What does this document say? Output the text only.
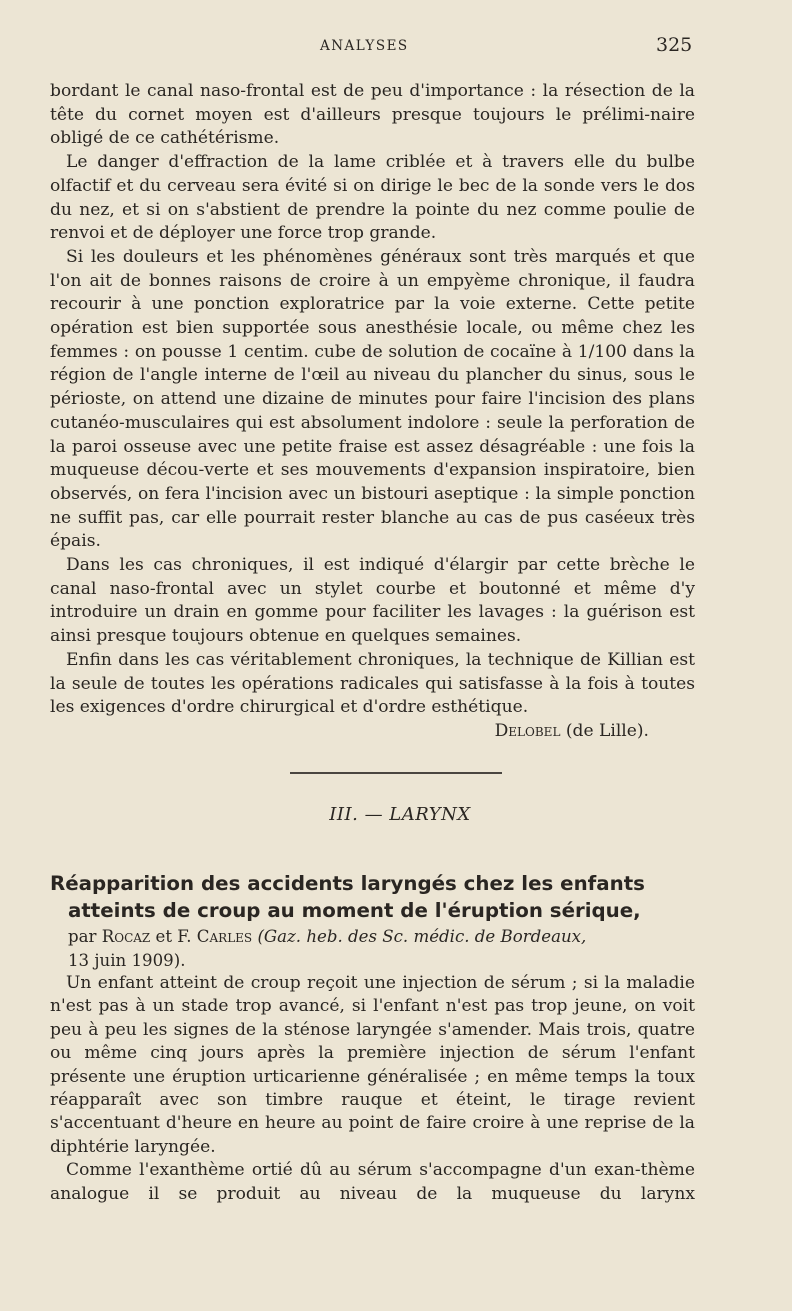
ANALYSES	325

bordant le canal naso-frontal est de peu d'importance : la résection de la tête du cornet moyen est d'ailleurs presque toujours le prélimi-naire obligé de ce cathétérisme.

Le danger d'effraction de la lame criblée et à travers elle du bulbe olfactif et du cerveau sera évité si on dirige le bec de la sonde vers le dos du nez, et si on s'abstient de prendre la pointe du nez comme poulie de renvoi et de déployer une force trop grande.

Si les douleurs et les phénomènes généraux sont très marqués et que l'on ait de bonnes raisons de croire à un empyème chronique, il faudra recourir à une ponction exploratrice par la voie externe. Cette petite opération est bien supportée sous anesthésie locale, ou même chez les femmes : on pousse 1 centim. cube de solution de cocaïne à 1/100 dans la région de l'angle interne de l'œil au niveau du plancher du sinus, sous le périoste, on attend une dizaine de minutes pour faire l'incision des plans cutanéo-musculaires qui est absolument indolore : seule la perforation de la paroi osseuse avec une petite fraise est assez désagréable : une fois la muqueuse décou-verte et ses mouvements d'expansion inspiratoire, bien observés, on fera l'incision avec un bistouri aseptique : la simple ponction ne suffit pas, car elle pourrait rester blanche au cas de pus caséeux très épais.

Dans les cas chroniques, il est indiqué d'élargir par cette brèche le canal naso-frontal avec un stylet courbe et boutonné et même d'y introduire un drain en gomme pour faciliter les lavages : la guérison est ainsi presque toujours obtenue en quelques semaines.

Enfin dans les cas véritablement chroniques, la technique de Killian est la seule de toutes les opérations radicales qui satisfasse à la fois à toutes les exigences d'ordre chirurgical et d'ordre esthétique.

Delobel (de Lille).

III. — LARYNX
Réapparition des accidents laryngés chez les enfants
atteints de croup au moment de l'éruption sérique,
par Rocaz et F. Carles (Gaz. heb. des Sc. médic. de Bordeaux,
13 juin 1909).

Un enfant atteint de croup reçoit une injection de sérum ; si la maladie n'est pas à un stade trop avancé, si l'enfant n'est pas trop jeune, on voit peu à peu les signes de la sténose laryngée s'amender. Mais trois, quatre ou même cinq jours après la première injection de sérum l'enfant présente une éruption urticarienne généralisée ; en même temps la toux réapparaît avec son timbre rauque et éteint, le tirage revient s'accentuant d'heure en heure au point de faire croire à une reprise de la diphtérie laryngée.

Comme l'exanthème ortié dû au sérum s'accompagne d'un exan-thème analogue il se produit au niveau de la muqueuse du larynx
